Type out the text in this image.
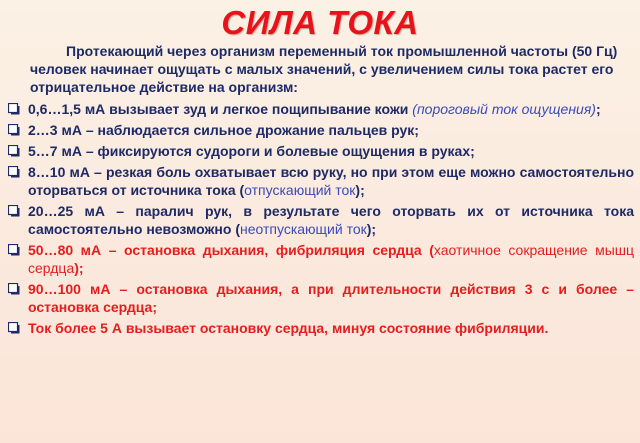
СИЛА ТОКА
Протекающий через организм переменный ток промышленной частоты (50 Гц) человек начинает ощущать с малых значений, с увеличением силы тока растет его отрицательное действие на организм:
0,6…1,5 мА вызывает зуд и легкое пощипывание кожи (пороговый ток ощущения);
2…3 мА – наблюдается сильное дрожание пальцев рук;
5…7 мА – фиксируются судороги и болевые ощущения в руках;
8…10 мА – резкая боль охватывает всю руку, но при этом еще можно самостоятельно оторваться от источника тока (отпускающий ток);
20…25 мА – паралич рук, в результате чего оторвать их от источника тока самостоятельно невозможно (неотпускающий ток);
50…80 мА – остановка дыхания, фибриляция сердца (хаотичное сокращение мышц сердца);
90…100 мА – остановка дыхания, а при длительности действия 3 с и более – остановка сердца;
Ток более 5 А вызывает остановку сердца, минуя состояние фибриляции.
